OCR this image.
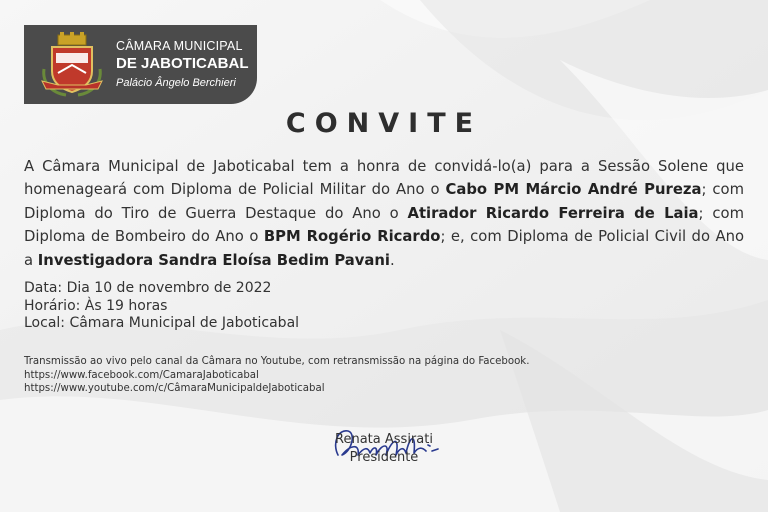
CÂMARA MUNICIPAL
DE JABOTICABAL
Palácio Ângelo Berchieri
CONVITE
A Câmara Municipal de Jaboticabal tem a honra de convidá-lo(a) para a Sessão Solene que homenageará com Diploma de Policial Militar do Ano o Cabo PM Márcio André Pureza; com Diploma do Tiro de Guerra Destaque do Ano o Atirador Ricardo Ferreira de Laia; com Diploma de Bombeiro do Ano o BPM Rogério Ricardo; e, com Diploma de Policial Civil do Ano a Investigadora Sandra Eloísa Bedim Pavani.
Data: Dia 10 de novembro de 2022
Horário: Às 19 horas
Local: Câmara Municipal de Jaboticabal
Transmissão ao vivo pelo canal da Câmara no Youtube, com retransmissão na página do Facebook.
https://www.facebook.com/CamaraJaboticabal
https://www.youtube.com/c/CâmaraMunicipaldeJaboticabal
Renata Assirati
Presidente
